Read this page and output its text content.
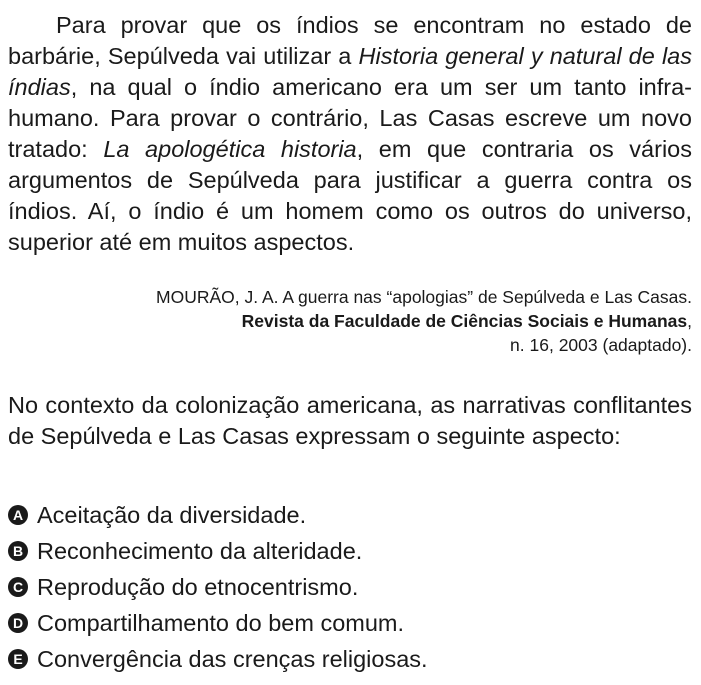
Para provar que os índios se encontram no estado de barbárie, Sepúlveda vai utilizar a Historia general y natural de las índias, na qual o índio americano era um ser um tanto infra-humano. Para provar o contrário, Las Casas escreve um novo tratado: La apologética historia, em que contraria os vários argumentos de Sepúlveda para justificar a guerra contra os índios. Aí, o índio é um homem como os outros do universo, superior até em muitos aspectos.

MOURÃO, J. A. A guerra nas “apologias” de Sepúlveda e Las Casas.
Revista da Faculdade de Ciências Sociais e Humanas,
n. 16, 2003 (adaptado).

No contexto da colonização americana, as narrativas conflitantes de Sepúlveda e Las Casas expressam o seguinte aspecto:

A Aceitação da diversidade.
B Reconhecimento da alteridade.
C Reprodução do etnocentrismo.
D Compartilhamento do bem comum.
E Convergência das crenças religiosas.
